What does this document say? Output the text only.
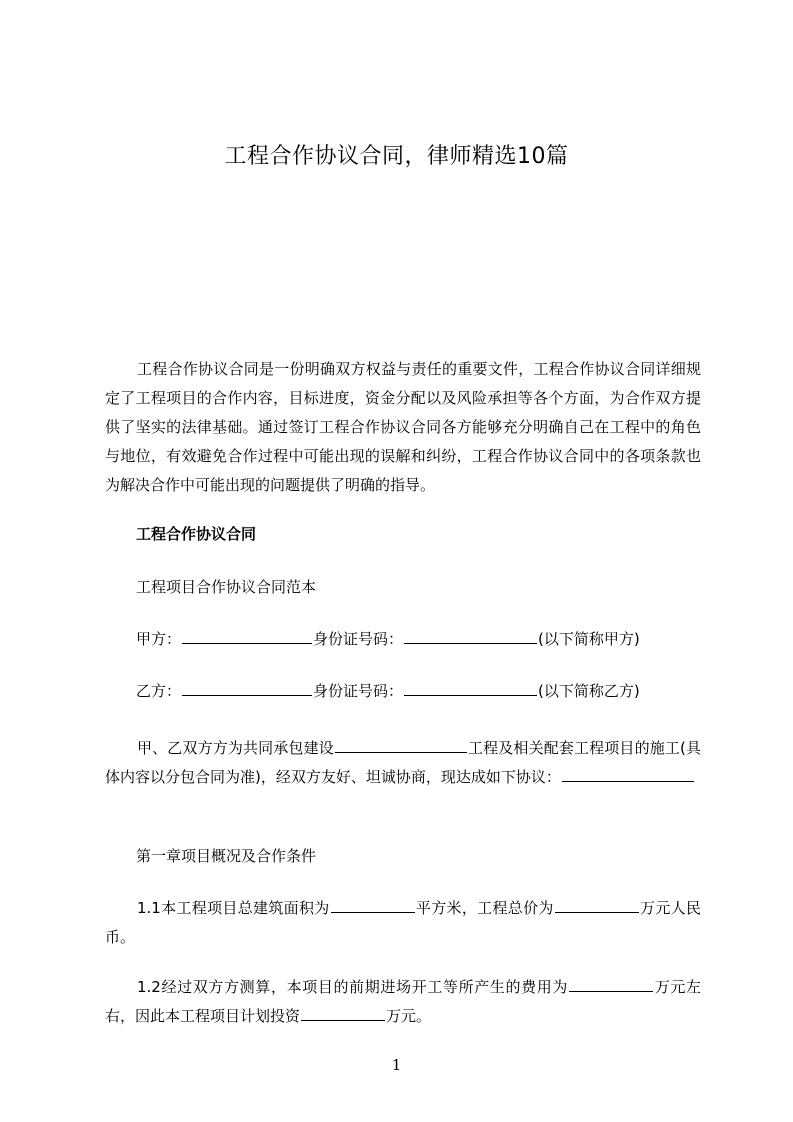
工程合作协议合同，律师精选10篇
工程合作协议合同是一份明确双方权益与责任的重要文件，工程合作协议合同详细规定了工程项目的合作内容，目标进度，资金分配以及风险承担等各个方面，为合作双方提供了坚实的法律基础。通过签订工程合作协议合同各方能够充分明确自己在工程中的角色与地位，有效避免合作过程中可能出现的误解和纠纷，工程合作协议合同中的各项条款也为解决合作中可能出现的问题提供了明确的指导。
工程合作协议合同
工程项目合作协议合同范本
甲方：	身份证号码：	(以下简称甲方)
乙方：	身份证号码：	(以下简称乙方)
甲、乙双方方为共同承包建设	工程及相关配套工程项目的施工(具体内容以分包合同为准)，经双方友好、坦诚协商，现达成如下协议：
第一章项目概况及合作条件
1.1本工程项目总建筑面积为	平方米，工程总价为	万元人民币。
1.2经过双方方测算，本项目的前期进场开工等所产生的费用为	万元左右，因此本工程项目计划投资	万元。
1
